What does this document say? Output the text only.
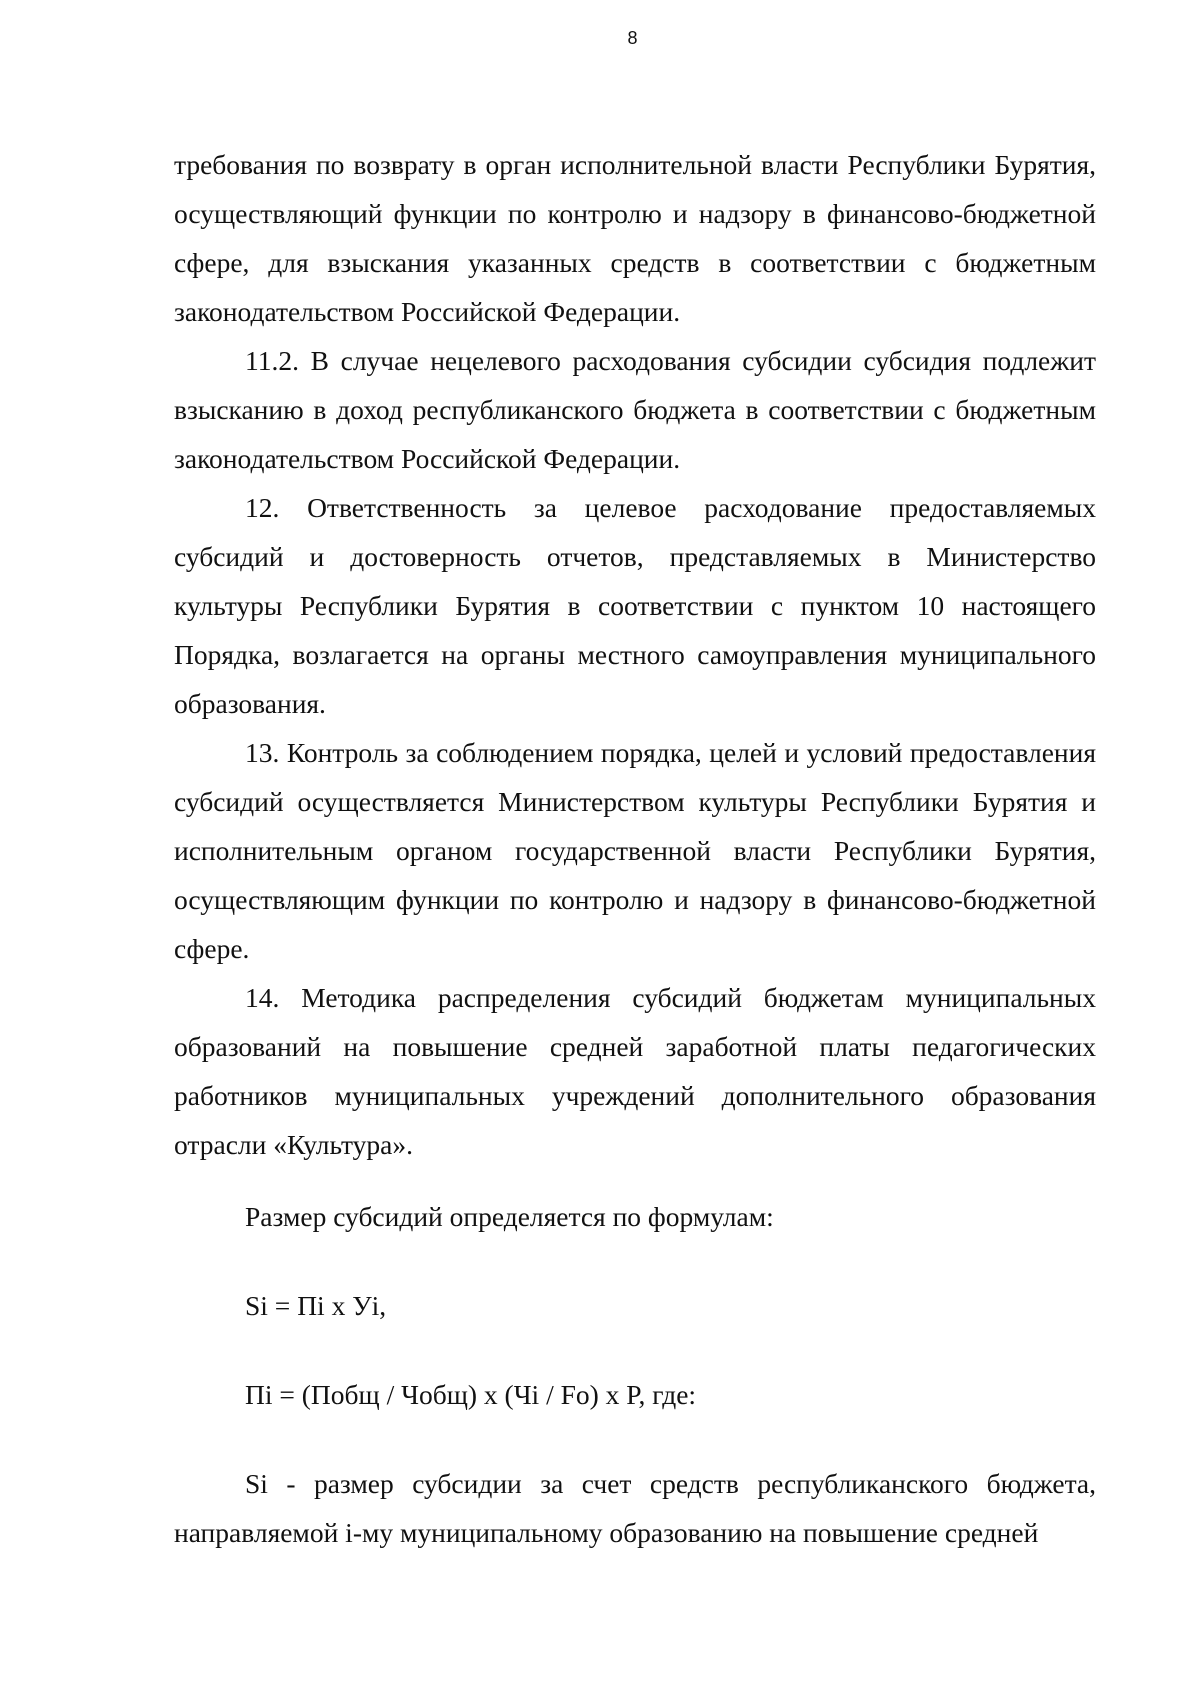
8

требования по возврату в орган исполнительной власти Республики Бурятия, осуществляющий функции по контролю и надзору в финансово-бюджетной сфере, для взыскания указанных средств в соответствии с бюджетным законодательством Российской Федерации.

11.2. В случае нецелевого расходования субсидии субсидия подлежит взысканию в доход республиканского бюджета в соответствии с бюджетным законодательством Российской Федерации.

12. Ответственность за целевое расходование предоставляемых субсидий и достоверность отчетов, представляемых в Министерство культуры Республики Бурятия в соответствии с пунктом 10 настоящего Порядка, возлагается на органы местного самоуправления муниципального образования.

13. Контроль за соблюдением порядка, целей и условий предоставления субсидий осуществляется Министерством культуры Республики Бурятия и исполнительным органом государственной власти Республики Бурятия, осуществляющим функции по контролю и надзору в финансово-бюджетной сфере.

14. Методика распределения субсидий бюджетам муниципальных образований на повышение средней заработной платы педагогических работников муниципальных учреждений дополнительного образования отрасли «Культура».

Размер субсидий определяется по формулам:

Si = Пi х Уi,

Пi = (Побщ / Чобщ) х (Чi / Fо) х P, где:

Si - размер субсидии за счет средств республиканского бюджета, направляемой i-му муниципальному образованию на повышение средней
